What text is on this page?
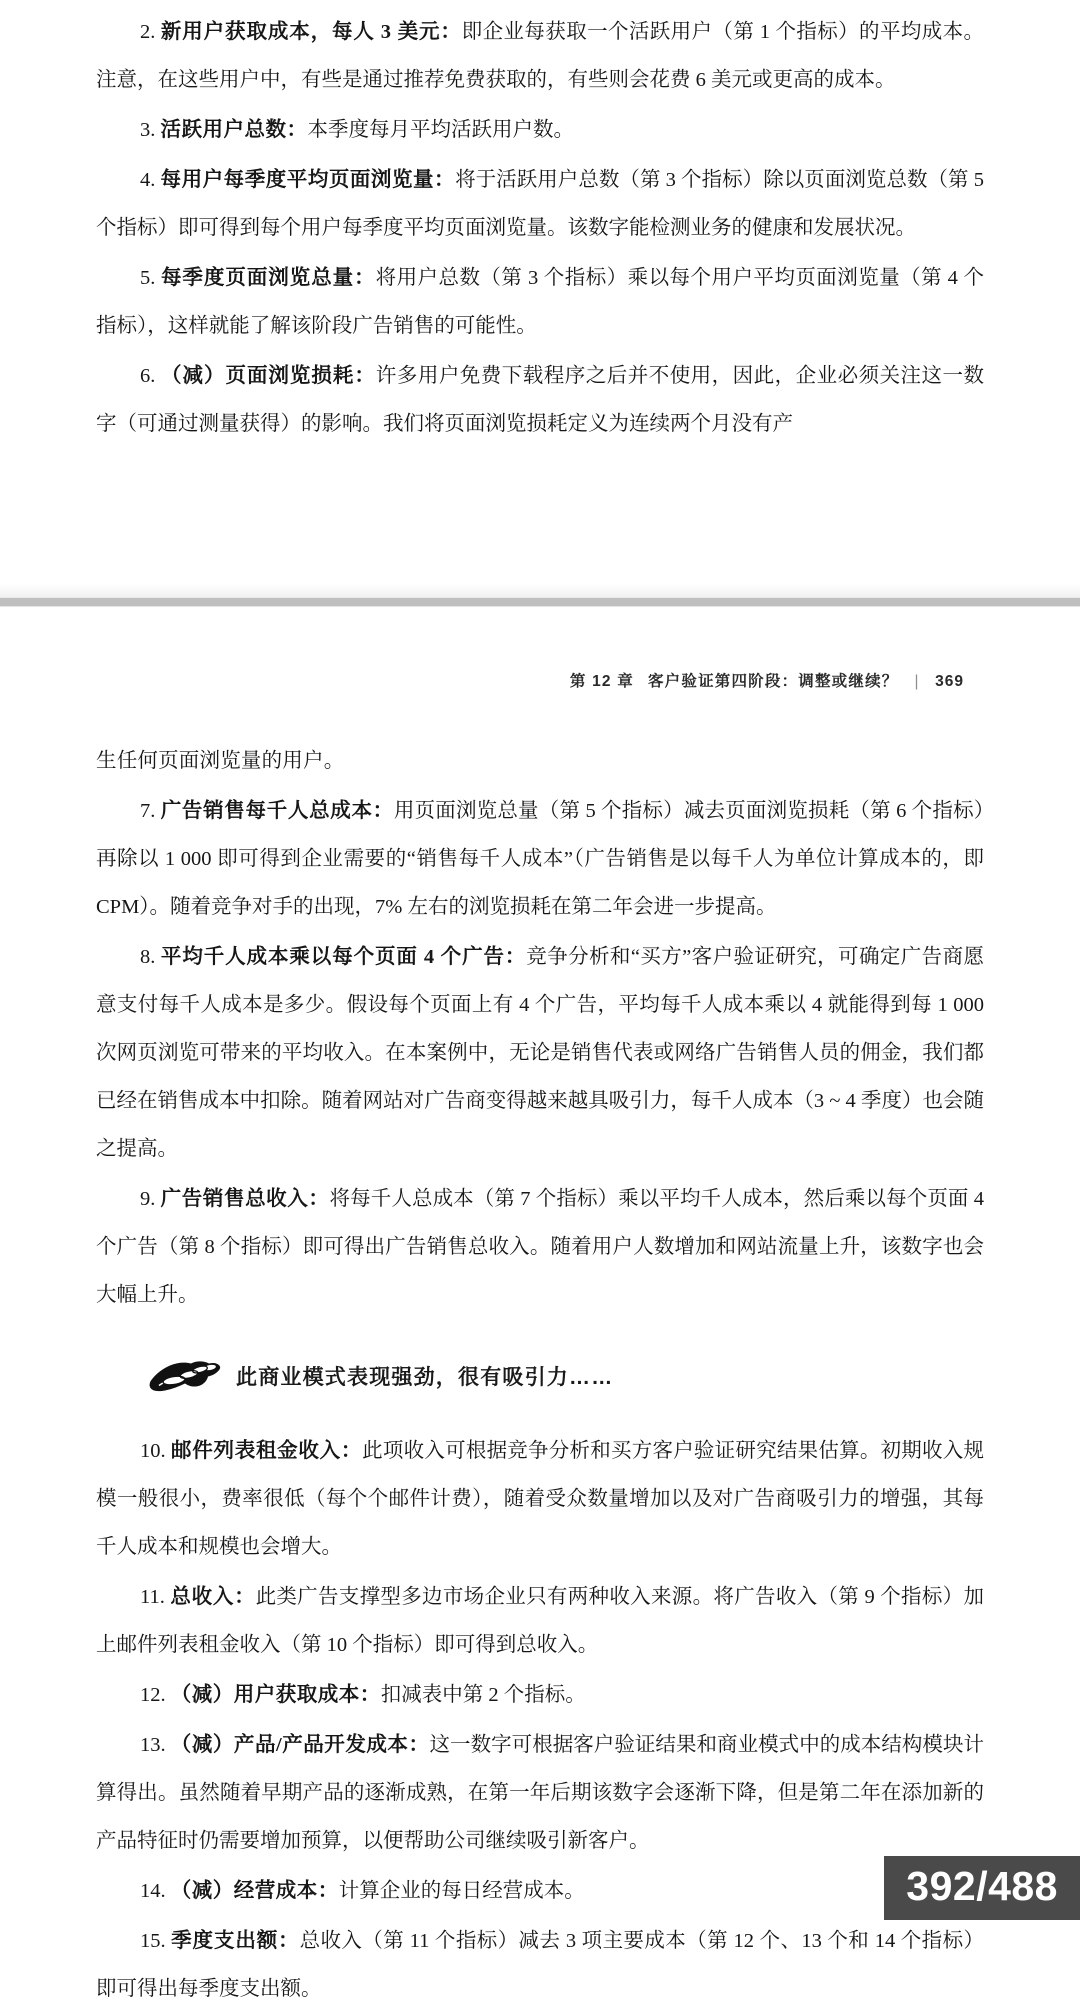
2. 新用户获取成本，每人 3 美元：即企业每获取一个活跃用户（第 1 个指标）的平均成本。注意，在这些用户中，有些是通过推荐免费获取的，有些则会花费 6 美元或更高的成本。

3. 活跃用户总数：本季度每月平均活跃用户数。

4. 每用户每季度平均页面浏览量：将于活跃用户总数（第 3 个指标）除以页面浏览总数（第 5 个指标）即可得到每个用户每季度平均页面浏览量。该数字能检测业务的健康和发展状况。

5. 每季度页面浏览总量：将用户总数（第 3 个指标）乘以每个用户平均页面浏览量（第 4 个指标），这样就能了解该阶段广告销售的可能性。

6. （减）页面浏览损耗：许多用户免费下载程序之后并不使用，因此，企业必须关注这一数字（可通过测量获得）的影响。我们将页面浏览损耗定义为连续两个月没有产

第 12 章 客户验证第四阶段：调整或继续？ | 369

生任何页面浏览量的用户。

7. 广告销售每千人总成本：用页面浏览总量（第 5 个指标）减去页面浏览损耗（第 6 个指标）再除以 1 000 即可得到企业需要的“销售每千人成本”（广告销售是以每千人为单位计算成本的，即 CPM）。随着竞争对手的出现，7% 左右的浏览损耗在第二年会进一步提高。

8. 平均千人成本乘以每个页面 4 个广告：竞争分析和“买方”客户验证研究，可确定广告商愿意支付每千人成本是多少。假设每个页面上有 4 个广告，平均每千人成本乘以 4 就能得到每 1 000 次网页浏览可带来的平均收入。在本案例中，无论是销售代表或网络广告销售人员的佣金，我们都已经在销售成本中扣除。随着网站对广告商变得越来越具吸引力，每千人成本（3 ~ 4 季度）也会随之提高。

9. 广告销售总收入：将每千人总成本（第 7 个指标）乘以平均千人成本，然后乘以每个页面 4 个广告（第 8 个指标）即可得出广告销售总收入。随着用户人数增加和网站流量上升，该数字也会大幅上升。

此商业模式表现强劲，很有吸引力……

10. 邮件列表租金收入：此项收入可根据竞争分析和买方客户验证研究结果估算。初期收入规模一般很小，费率很低（每个个邮件计费），随着受众数量增加以及对广告商吸引力的增强，其每千人成本和规模也会增大。

11. 总收入：此类广告支撑型多边市场企业只有两种收入来源。将广告收入（第 9 个指标）加上邮件列表租金收入（第 10 个指标）即可得到总收入。

12. （减）用户获取成本：扣减表中第 2 个指标。

13. （减）产品/产品开发成本：这一数字可根据客户验证结果和商业模式中的成本结构模块计算得出。虽然随着早期产品的逐渐成熟，在第一年后期该数字会逐渐下降，但是第二年在添加新的产品特征时仍需要增加预算，以便帮助公司继续吸引新客户。

14. （减）经营成本：计算企业的每日经营成本。

15. 季度支出额：总收入（第 11 个指标）减去 3 项主要成本（第 12 个、13 个和 14 个指标）即可得出每季度支出额。

392/488
